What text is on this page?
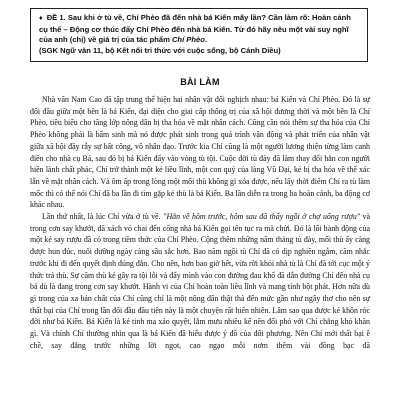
♦ ĐỀ 1. Sau khi ở tù về, Chí Phèo đã đến nhà bá Kiến mấy lần? Cần làm rõ: Hoàn cảnh cụ thể – Động cơ thúc đẩy Chí Phèo đến nhà bá Kiến. Từ đó hãy nêu một vài suy nghĩ của anh (chị) về giá trị của tác phẩm Chí Phèo.
(SGK Ngữ văn 11, bộ Kết nối tri thức với cuộc sống, bộ Cánh Diều)
BÀI LÀM

Nhà văn Nam Cao đã tập trung thể hiện hai nhân vật đối nghịch nhau: bá Kiến và Chí Phèo. Đó là sự đối đầu giữa một bên là bá Kiến, đại diện cho giai cấp thống trị của xã hội đương thời và một bên là Chí Phèo, tiêu biểu cho tầng lớp nông dân bị tha hóa về mặt nhân cách. Cũng cần nói thêm sự tha hóa của Chí Phèo không phải là bẩm sinh mà nó được phát sinh trong quá trình vận động và phát triển của nhân vật giữa xã hội đầy rẫy sự bất công, vô nhân đạo. Trước kia Chí cũng là một người lương thiện từng làm canh điền cho nhà cụ Bá, sau đó bị bá Kiến đẩy vào vòng tù tội. Cuộc đời tù đày đã làm thay đổi hẳn con người hiền lành chất phác, Chí trở thành một kẻ liều lĩnh, một con quỷ của làng Vũ Đại, kẻ bị tha hóa về thể xác lẫn về mặt nhân cách. Và ôm ấp trong lòng một mối thù không gì xóa được, nếu lấy thời điểm Chí ra tù làm mốc thì có thể nói Chí đã ba lần đi tìm gặp kẻ thù là bá Kiến. Ba lần diễn ra trong ba hoàn cảnh, ba động cơ khác nhau.

Lần thứ nhất, là lúc Chí vừa ở tù về. "Hắn về hôm trước, hôm sau đã thấy ngồi ở chợ uống rượu" và trong cơn say khướt, đã xách vỏ chai đến cổng nhà bá Kiến gọi tên tục ra mà chửi. Đó là lối hành động của một kẻ say rượu đã có trong tiềm thức của Chí Phèo. Cộng thêm những năm tháng tù đày, mối thù ấy càng được hun đúc, nuôi dưỡng ngày càng sâu sắc hơn. Bao năm ngồi tù Chí đã có dịp nghiền ngẫm, căm nhắc trước khi đi đến quyết định đúng đắn. Cho nên, hơn bao giờ hết, vừa rời khỏi nhà tù là Chí đã tới cục một ý thức trả thù. Sự căm thù kẻ gây ra tội lỗi và đẩy mình vào con đường đau khổ đã dẫn đường Chí đến nhà cụ bá dù là đang trong cơn say khướt. Hành vi của Chí hoàn toàn liều lĩnh và mang tính bột phát. Hơn nữa dù gì trong của xa bản chất của Chí cũng chỉ là một nông dân thật thà đến mức gần như ngây thơ cho nên sự thất bại của Chí trong lần đối đầu đầu tiên này là một chuyện rất hiển nhiên. Lâm sao qua được kẻ khôn róc đời như bá Kiến. Bá Kiến là kẻ tinh ma xảo quyệt, lắm mưu nhiều kế nên đối phó với Chí chẳng khó khăn gì. Và chính Chí thường nhìn qua là bá Kiến đã hiểu được ý đồ của đối phương. Nên Chí mới thất bại ê chề, say đắng trước những lời ngọt, cao ngạo mỗi nơm thêm vài đồng bạc đã
